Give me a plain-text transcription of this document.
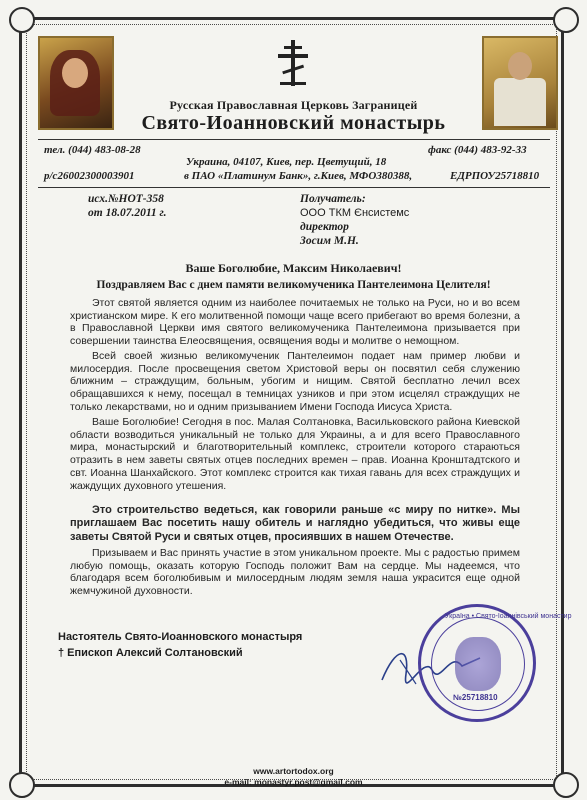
Русская Православная Церковь Заграницей
Свято-Иоанновский монастырь
тел. (044) 483-08-28	факс (044) 483-92-33
Украина, 04107, Киев, пер. Цветущий, 18
р/с26002300003901	в ПАО «Платинум Банк», г.Киев, МФО380388,	ЕДРПОУ25718810
исх.№НОТ-358
от 18.07.2011 г.
Получатель:
ООО ТКМ Єнсистемс
директор
Зосим М.Н.
Ваше Боголюбие, Максим Николаевич!
Поздравляем Вас с днем памяти великомученика Пантелеимона Целителя!
Этот святой является одним из наиболее почитаемых не только на Руси, но и во всем христианском мире. К его молитвенной помощи чаще всего прибегают во время болезни, а в Православной Церкви имя святого великомученика Пантелеимона призывается при совершении таинства Елеосвящения, освящения воды и молитве о немощном.
Всей своей жизнью великомученик Пантелеимон подает нам пример любви и милосердия. После просвещения светом Христовой веры он посвятил себя служению ближним – страждущим, больным, убогим и нищим. Святой бесплатно лечил всех обращавшихся к нему, посещал в темницах узников и при этом исцелял страждущих не только лекарствами, но и одним призыванием Имени Господа Иисуса Христа.
Ваше Боголюбие! Сегодня в пос. Малая Солтановка, Васильковского района Киевской области возводиться уникальный не только для Украины, а и для всего Православного мира, монастырский и благотворительный комплекс, строители которого стараються отразить в нем заветы святых отцев последних времен – прав. Иоанна Кронштадтского и свт. Иоанна Шанхайского. Этот комплекс строится как тихая гавань для всех страждущих и жаждущих духовного утешения.
Это строительство ведеться, как говорили раньше «с миру по нитке». Мы приглашаем Вас посетить нашу обитель и наглядно убедиться, что живы еще заветы Святой Руси и святых отцев, просиявших в нашем Отечестве.
Призываем и Вас принять участие в этом уникальном проекте. Мы с радостью примем любую помощь, оказать которую Господь положит Вам на сердце. Мы надеемся, что благодаря всем боголюбивым и милосердным людям земля наша украсится еще одной жемчужиной духовности.
Настоятель Свято-Иоанновского монастыря
† Епископ Алексий Солтановский
Україна • Свято-Іоаннівський монастир
№25718810
www.artortodox.org
e-mail: monastyr.post@gmail.com
